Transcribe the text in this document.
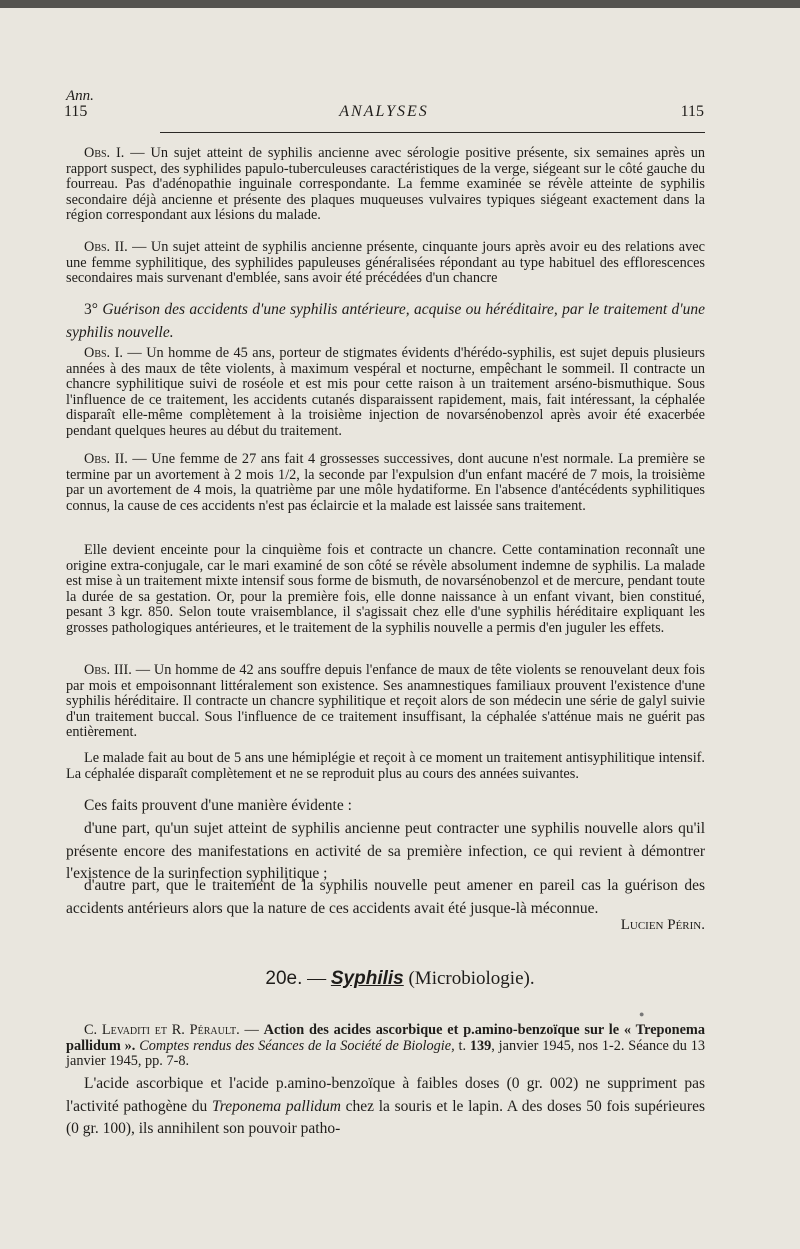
Ann.
115	ANALYSES	115
Obs. I. — Un sujet atteint de syphilis ancienne avec sérologie positive présente, six semaines après un rapport suspect, des syphilides papulo-tuberculeuses caractéristiques de la verge, siégeant sur le côté gauche du fourreau. Pas d'adénopathie inguinale correspondante. La femme examinée se révèle atteinte de syphilis secondaire déjà ancienne et présente des plaques muqueuses vulvaires typiques siégeant exactement dans la région correspondant aux lésions du malade.
Obs. II. — Un sujet atteint de syphilis ancienne présente, cinquante jours après avoir eu des relations avec une femme syphilitique, des syphilides papuleuses généralisées répondant au type habituel des efflorescences secondaires mais survenant d'emblée, sans avoir été précédées d'un chancre
3° Guérison des accidents d'une syphilis antérieure, acquise ou héréditaire, par le traitement d'une syphilis nouvelle.
Obs. I. — Un homme de 45 ans, porteur de stigmates évidents d'hérédo-syphilis, est sujet depuis plusieurs années à des maux de tête violents, à maximum vespéral et nocturne, empêchant le sommeil. Il contracte un chancre syphilitique suivi de roséole et est mis pour cette raison à un traitement arséno-bismuthique. Sous l'influence de ce traitement, les accidents cutanés disparaissent rapidement, mais, fait intéressant, la céphalée disparaît elle-même complètement à la troisième injection de novarsénobenzol après avoir été exacerbée pendant quelques heures au début du traitement.
Obs. II. — Une femme de 27 ans fait 4 grossesses successives, dont aucune n'est normale. La première se termine par un avortement à 2 mois 1/2, la seconde par l'expulsion d'un enfant macéré de 7 mois, la troisième par un avortement de 4 mois, la quatrième par une môle hydatiforme. En l'absence d'antécédents syphilitiques connus, la cause de ces accidents n'est pas éclaircie et la malade est laissée sans traitement.
Elle devient enceinte pour la cinquième fois et contracte un chancre. Cette contamination reconnaît une origine extra-conjugale, car le mari examiné de son côté se révèle absolument indemne de syphilis. La malade est mise à un traitement mixte intensif sous forme de bismuth, de novarsénobenzol et de mercure, pendant toute la durée de sa gestation. Or, pour la première fois, elle donne naissance à un enfant vivant, bien constitué, pesant 3 kgr. 850. Selon toute vraisemblance, il s'agissait chez elle d'une syphilis héréditaire expliquant les grosses pathologiques antérieures, et le traitement de la syphilis nouvelle a permis d'en juguler les effets.
Obs. III. — Un homme de 42 ans souffre depuis l'enfance de maux de tête violents se renouvelant deux fois par mois et empoisonnant littéralement son existence. Ses anamnestiques familiaux prouvent l'existence d'une syphilis héréditaire. Il contracte un chancre syphilitique et reçoit alors de son médecin une série de galyl suivie d'un traitement buccal. Sous l'influence de ce traitement insuffisant, la céphalée s'atténue mais ne guérit pas entièrement.
Le malade fait au bout de 5 ans une hémiplégie et reçoit à ce moment un traitement antisyphilitique intensif. La céphalée disparaît complètement et ne se reproduit plus au cours des années suivantes.
Ces faits prouvent d'une manière évidente :
d'une part, qu'un sujet atteint de syphilis ancienne peut contracter une syphilis nouvelle alors qu'il présente encore des manifestations en activité de sa première infection, ce qui revient à démontrer l'existence de la surinfection syphilitique ;
d'autre part, que le traitement de la syphilis nouvelle peut amener en pareil cas la guérison des accidents antérieurs alors que la nature de ces accidents avait été jusque-là méconnue.
Lucien Périn.
20e. — Syphilis (Microbiologie).
●
C. Levaditi et R. Pérault. — Action des acides ascorbique et p.amino-benzoïque sur le « Treponema pallidum ». Comptes rendus des Séances de la Société de Biologie, t. 139, janvier 1945, nos 1-2. Séance du 13 janvier 1945, pp. 7-8.
L'acide ascorbique et l'acide p.amino-benzoïque à faibles doses (0 gr. 002) ne suppriment pas l'activité pathogène du Treponema pallidum chez la souris et le lapin. A des doses 50 fois supérieures (0 gr. 100), ils annihilent son pouvoir patho-
